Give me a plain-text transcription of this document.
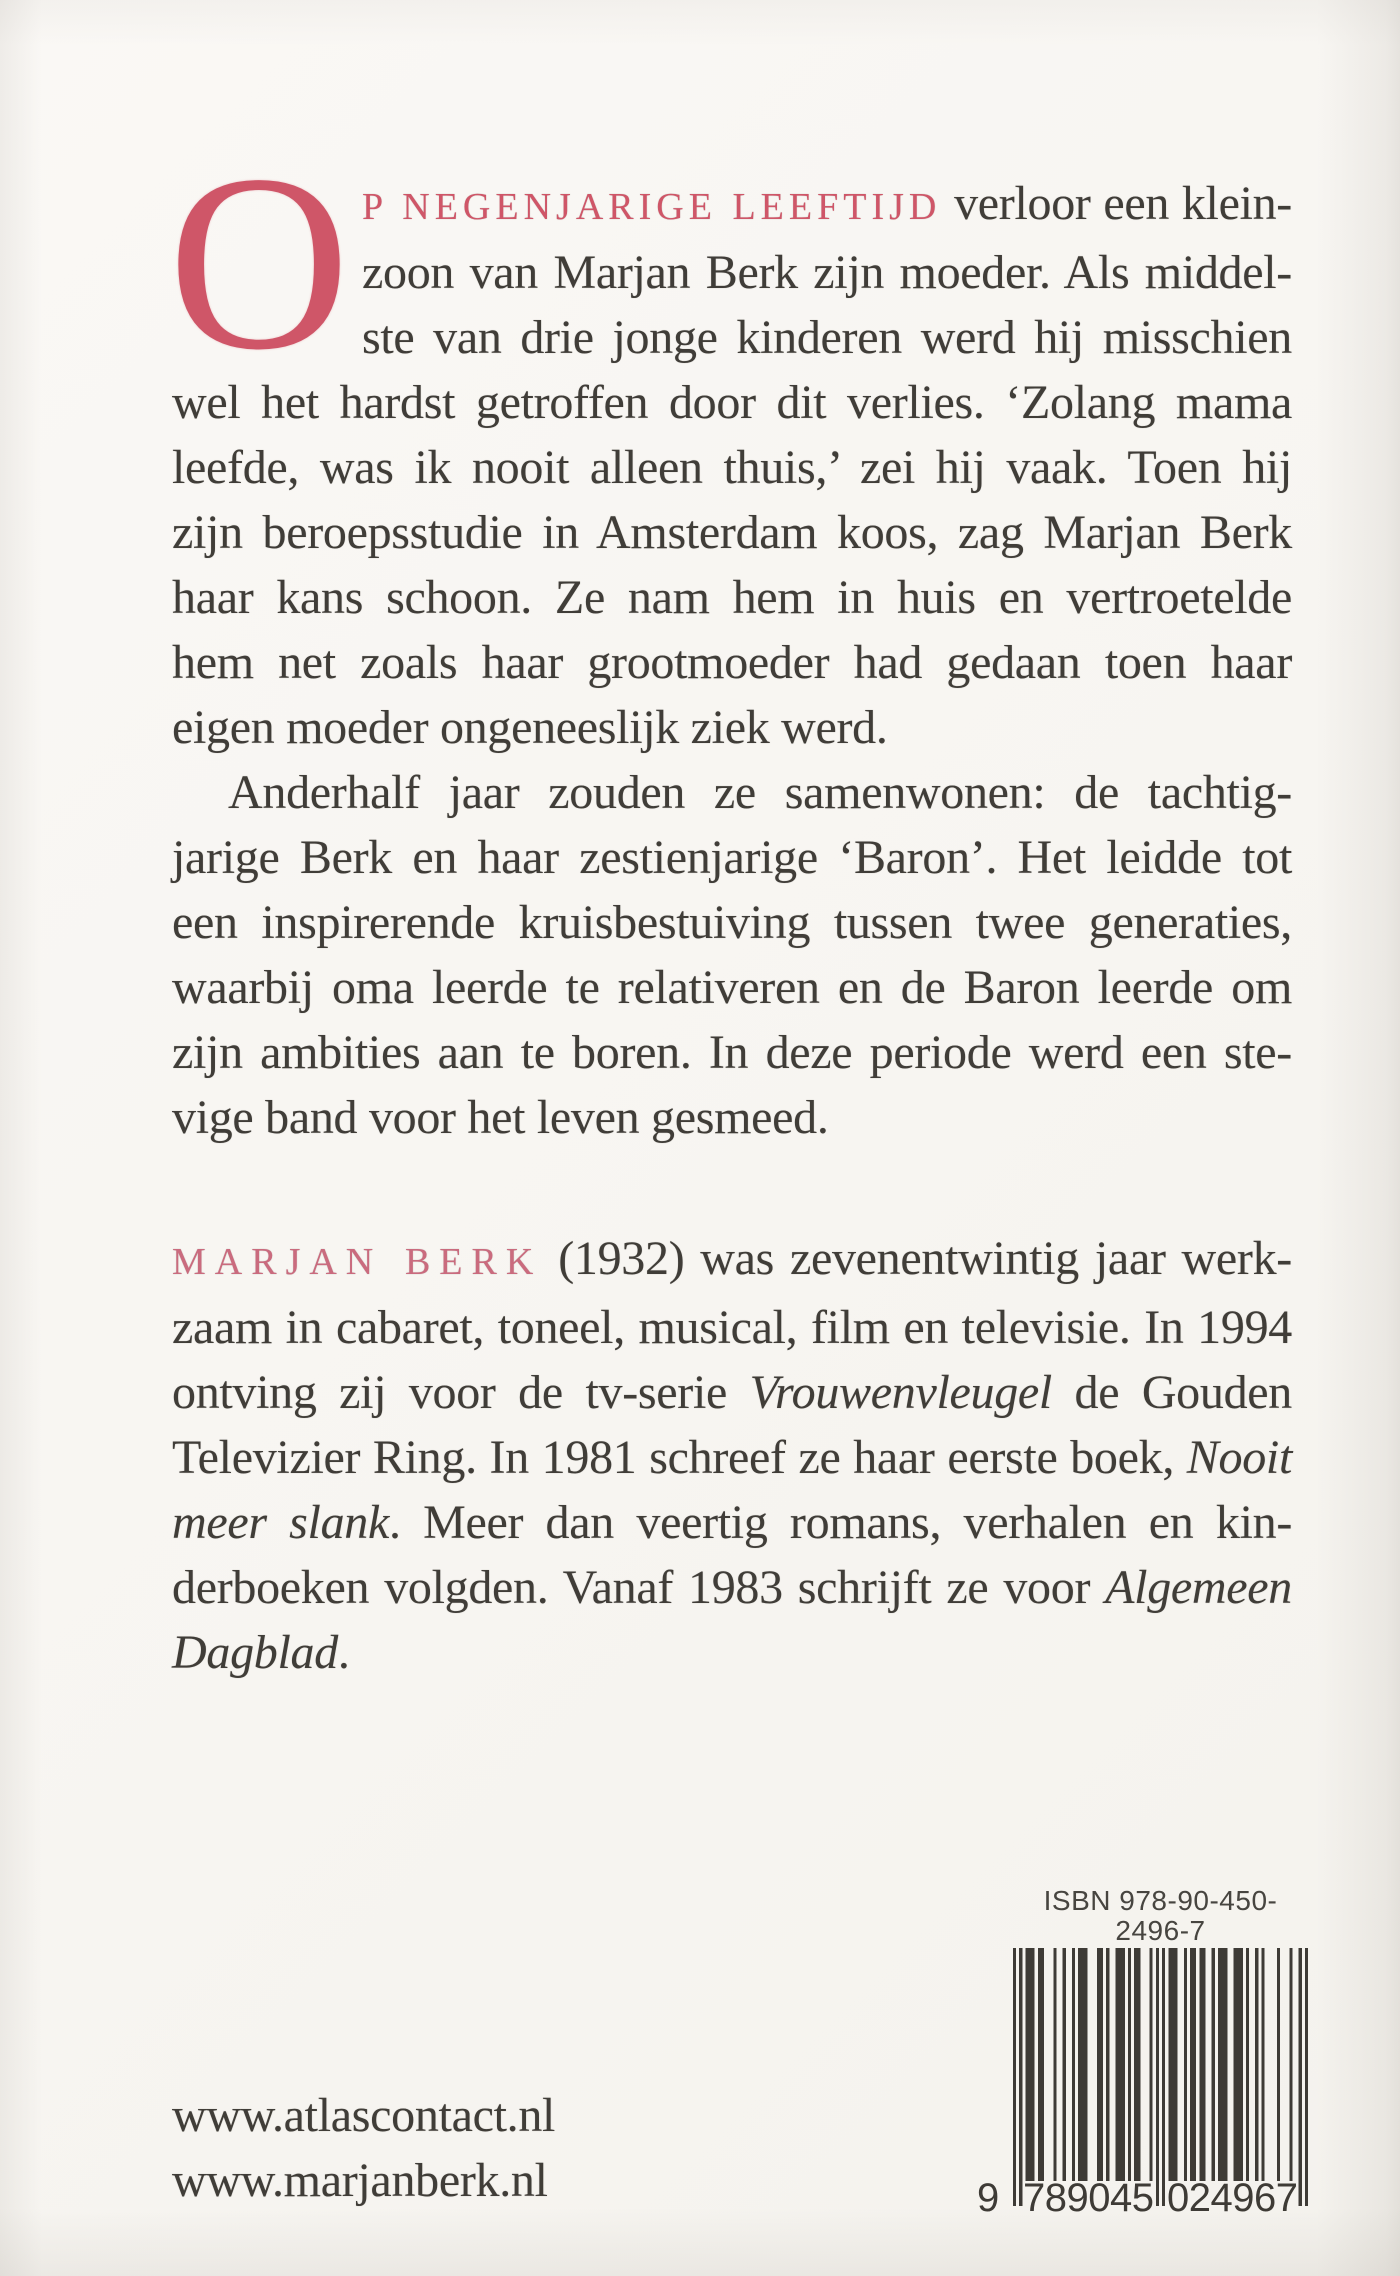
O P NEGENJARIGE LEEFTIJD verloor een klein-
zoon van Marjan Berk zijn moeder. Als middel-
ste van drie jonge kinderen werd hij misschien
wel het hardst getroffen door dit verlies. ‘Zolang mama
leefde, was ik nooit alleen thuis,’ zei hij vaak. Toen hij
zijn beroepsstudie in Amsterdam koos, zag Marjan Berk
haar kans schoon. Ze nam hem in huis en vertroetelde
hem net zoals haar grootmoeder had gedaan toen haar
eigen moeder ongeneeslijk ziek werd.
Anderhalf jaar zouden ze samenwonen: de tachtig-
jarige Berk en haar zestienjarige ‘Baron’. Het leidde tot
een inspirerende kruisbestuiving tussen twee generaties,
waarbij oma leerde te relativeren en de Baron leerde om
zijn ambities aan te boren. In deze periode werd een ste-
vige band voor het leven gesmeed.
MARJAN BERK (1932) was zevenentwintig jaar werk-
zaam in cabaret, toneel, musical, film en televisie. In 1994
ontving zij voor de tv-serie Vrouwenvleugel de Gouden
Televizier Ring. In 1981 schreef ze haar eerste boek, Nooit
meer slank. Meer dan veertig romans, verhalen en kin-
derboeken volgden. Vanaf 1983 schrijft ze voor Algemeen
Dagblad.
www.atlascontact.nl
www.marjanberk.nl
ISBN 978-90-450-2496-7
9 789045 024967
